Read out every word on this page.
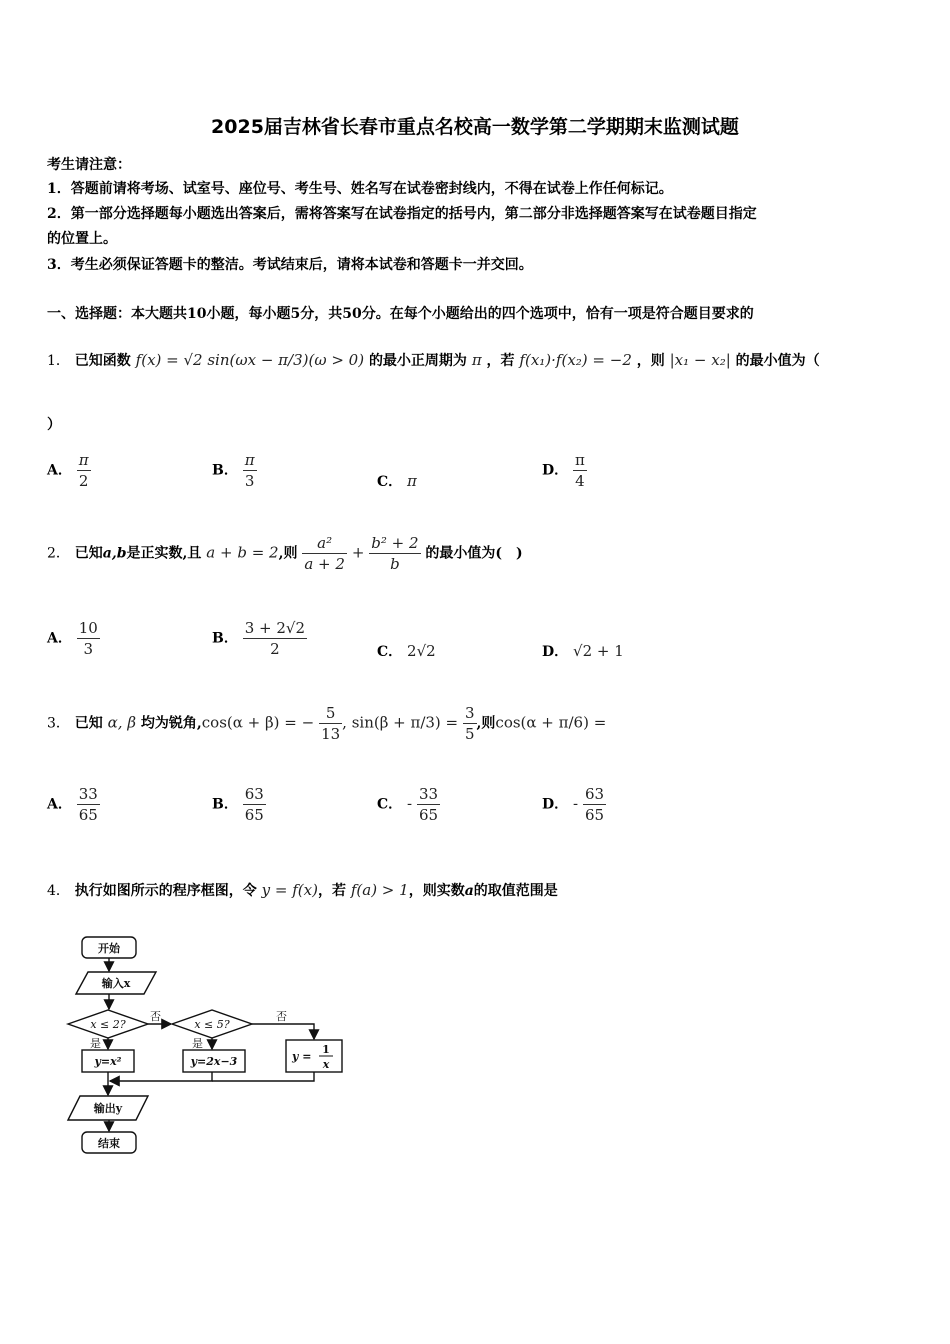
2025届吉林省长春市重点名校高一数学第二学期期末监测试题
考生请注意：
1．答题前请将考场、试室号、座位号、考生号、姓名写在试卷密封线内，不得在试卷上作任何标记。
2．第一部分选择题每小题选出答案后，需将答案写在试卷指定的括号内，第二部分非选择题答案写在试卷题目指定
的位置上。
3．考生必须保证答题卡的整洁。考试结束后，请将本试卷和答题卡一并交回。
一、选择题：本大题共10小题，每小题5分，共50分。在每个小题给出的四个选项中，恰有一项是符合题目要求的
1． 已知函数 f(x) = √2 sin(ωx − π/3)(ω > 0) 的最小正周期为 π ，若 f(x₁)·f(x₂) = −2 ，则 |x₁ − x₂| 的最小值为（
）
A． $\frac{\pi}{2}$	B． $\frac{\pi}{3}$	C． π
D． $\frac{\pi}{4}$
2． 已知a,b是正实数,且 a + b = 2,则 $\frac{\text{a²}}{a + 2} + \frac{\text{b² + 2}}{b}$ 的最小值为(　)
A． $\frac{10}{3}$	B． $\frac{3 + 2√2}{2}$	C． 2√2	D． √2 + 1
3． 已知 α, β 均为锐角,cos(α + β) = − $\frac{5}{13}$ , $\sin(\beta + \pi/3) = \frac{3}{5}$ ,则cos(α + π/6) =
A． $\frac{33}{65}$	B． $\frac{63}{65}$	C． - $\frac{33}{65}$	D． - $\frac{63}{65}$
4． 执行如图所示的程序框图，令 y = f(x)，若 f(a) > 1，则实数a的取值范围是
开始
输入x
x ≤ 2?	x ≤ 5?
否	否
是	是
y=x²	y=2x−3	y =
1
x
输出y
结束
